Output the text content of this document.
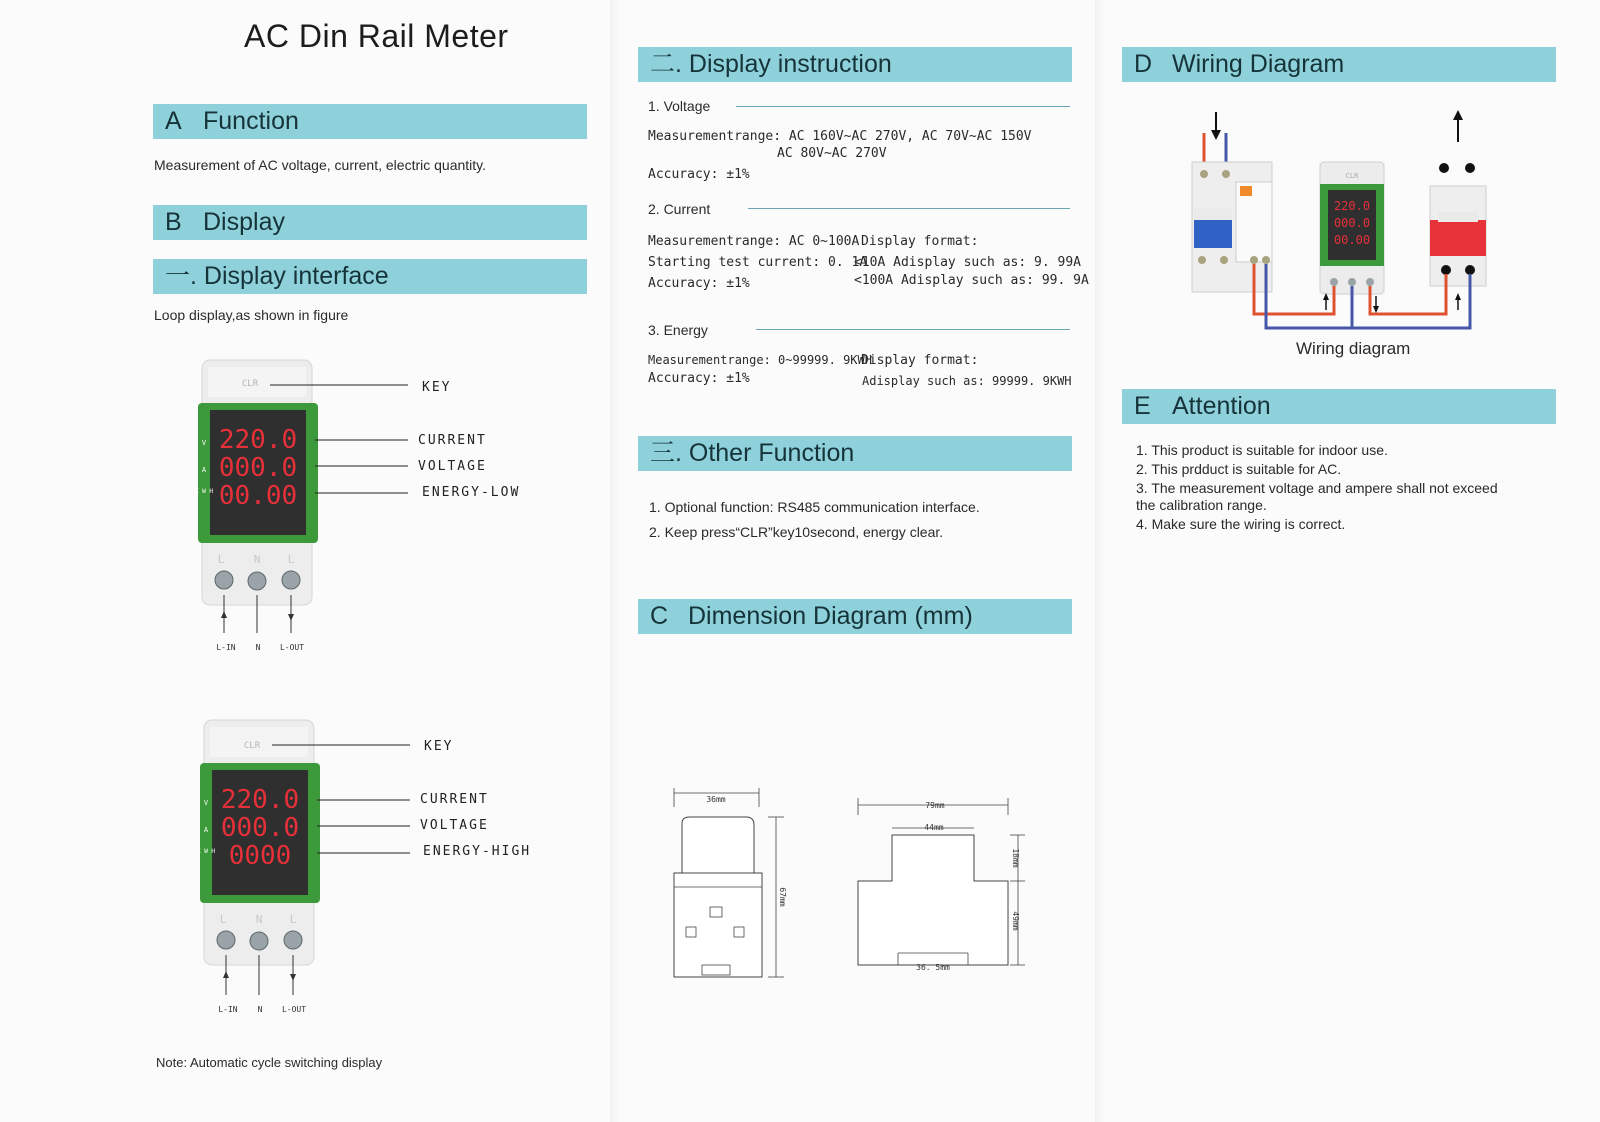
AC Din Rail Meter
A Function
Measurement of AC voltage, current, electric quantity.
B Display
一. Display interface
Loop display,as shown in figure
CLR
V
A
K W H
220.0
000.0
00.00
L	N L
L-IN N L-OUT
KEY
CURRENT
VOLTAGE
ENERGY-LOW
CLR
V
A
K W H
220.0
000.0
0000
L	N L
L-IN N L-OUT
KEY
CURRENT
VOLTAGE
ENERGY-HIGH
Note: Automatic cycle switching display
二. Display instruction
1. Voltage
Measurementrange: AC 160V~AC 270V, AC 70V~AC 150V
AC 80V~AC 270V
Accuracy: ±1%
2. Current
Measurementrange: AC 0~100A Display format:
Starting test current: 0. 1A
<10A Adisplay such as: 9. 99A
Accuracy: ±1%	<100A Adisplay such as: 99. 9A
3. Energy
Measurementrange: 0~99999. 9KWH
Display format:
Accuracy: ±1%	Adisplay such as: 99999. 9KWH
三. Other Function
1. Optional function: RS485 communication interface.
2. Keep press“CLR”key10second, energy clear.
C Dimension Diagram (mm)
36mm
67mm
79mm
44mm
36. 5mm
18mm
49mm
D Wiring Diagram
CLR
220.0
000.0
00.00
Wiring diagram
E Attention
1. This product is suitable for indoor use.
2. This prdduct is suitable for AC.
3. The measurement voltage and ampere shall not exceed
the calibration range.
4. Make sure the wiring is correct.
